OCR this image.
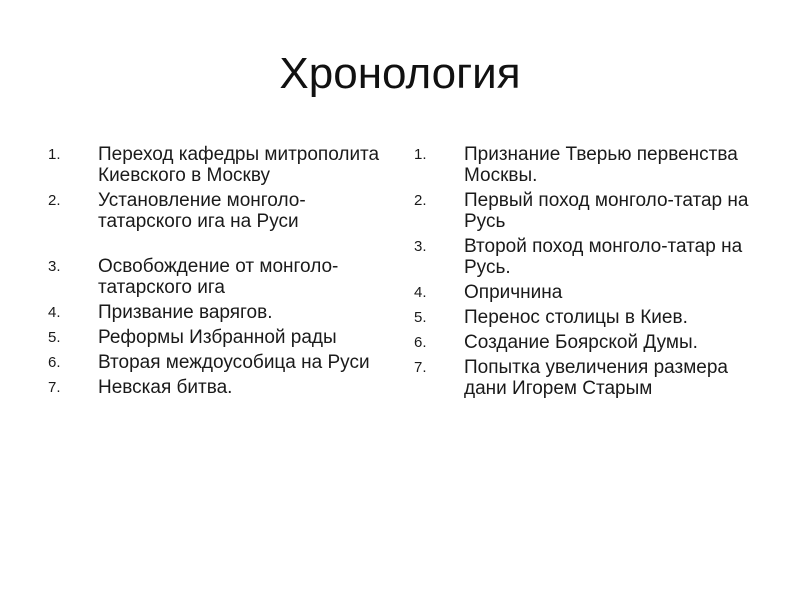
Хронология
1.	Переход кафедры митрополита Киевского в Москву
2.	Установление монголо-татарского ига на Руси
3.	Освобождение от монголо-татарского ига
4.	Призвание варягов.
5.	Реформы Избранной рады
6.	Вторая междоусобица на Руси
7.	Невская битва.
1.	Признание Тверью первенства Москвы.
2.	Первый поход монголо-татар на Русь
3.	Второй поход монголо-татар на Русь.
4.	Опричнина
5.	Перенос столицы в Киев.
6.	Создание Боярской Думы.
7.	Попытка увеличения размера дани Игорем Старым
